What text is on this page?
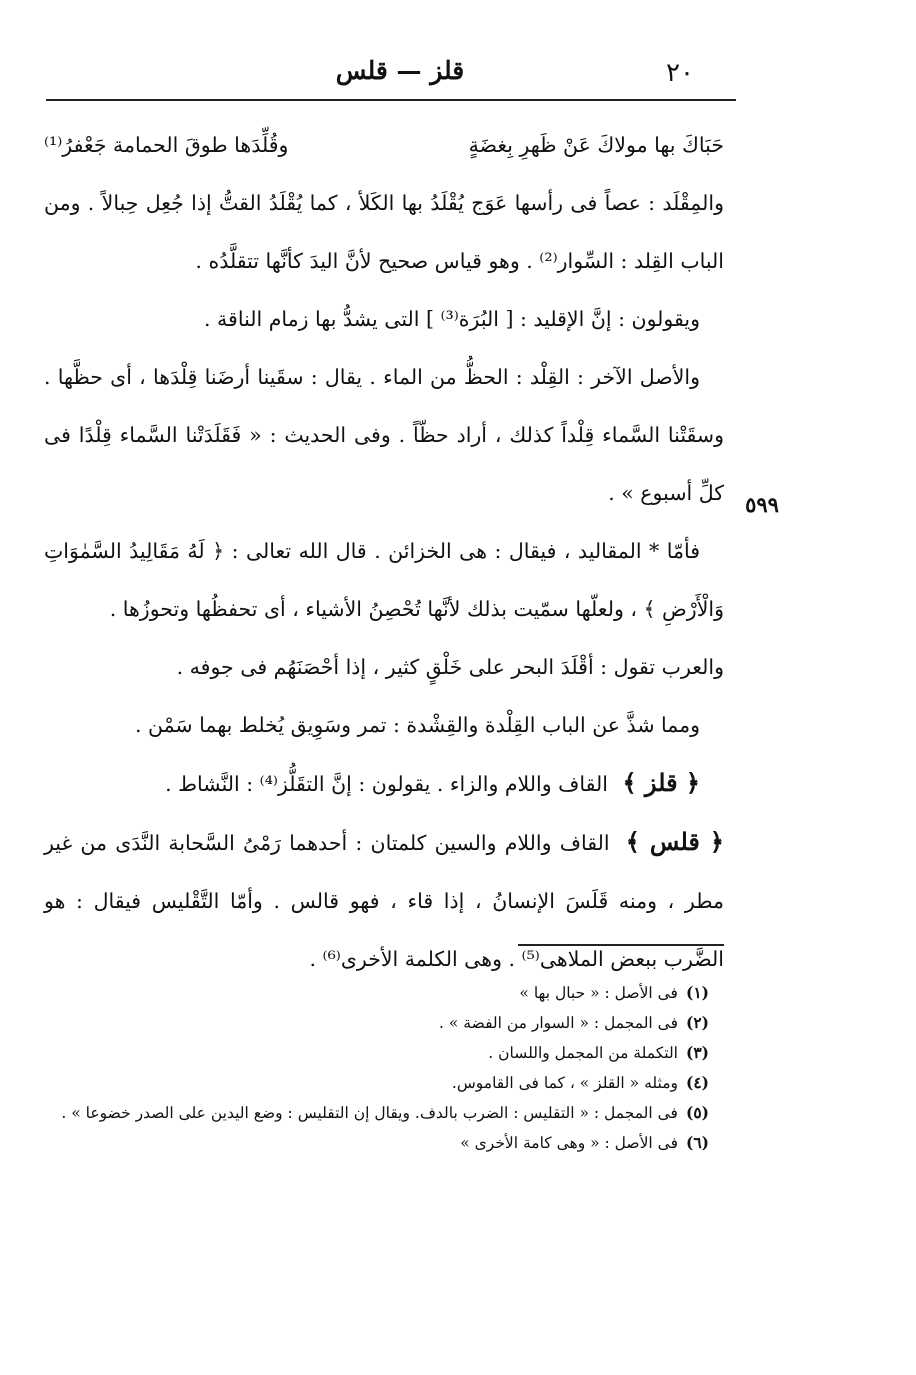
٢٠
قلز — قلس
٥٩٩

حَبَاكَ بها مولاكَ عَنْ ظَهرِ بِغضَةٍ
وقُلِّدَها طوقَ الحمامة جَعْفرُ⁽¹⁾

والمِقْلَد : عصاً فى رأسها عَوَج يُقْلَدُ بها الكَلأ ، كما يُقْلَدُ القتُّ إذا جُعِل حِبالاً . ومن الباب القِلد : السِّوار⁽²⁾ . وهو قياس صحيح لأنَّ اليدَ كأنَّها تتقلَّدُه .

ويقولون : إنَّ الإقليد : [ البُرَة⁽³⁾ ] التى يشدُّ بها زمام الناقة .

والأصل الآخر : القِلْد : الحظُّ من الماء . يقال : سقَينا أرضَنا قِلْدَها ، أى حظَّها . وسقَتْنا السَّماء قِلْداً كذلك ، أراد حظّاً . وفى الحديث : « فَقَلَدَتْنا السَّماء قِلْدًا فى كلِّ أسبوع » .

فأمّا * المقاليد ، فيقال : هى الخزائن . قال الله تعالى : ﴿ لَهُ مَقَالِيدُ السَّمٰوَاتِ وَالْأَرْضِ ﴾ ، ولعلّها سمّيت بذلك لأنَّها تُحْصِنُ الأشياء ، أى تحفظُها وتحوزُها .

والعرب تقول : أقْلَدَ البحر على خَلْقٍ كثير ، إذا أحْصَنَهُم فى جوفه .

ومما شذَّ عن الباب القِلْدة والقِشْدة : تمر وسَوِيق يُخلط بهما سَمْن .

﴿ قلز ﴾ القاف واللام والزاء . يقولون : إنَّ التقَلُّز⁽⁴⁾ : النَّشاط .

﴿ قلس ﴾ القاف واللام والسين كلمتان : أحدهما رَمْىُ السَّحابة النَّدَى من غير مطر ، ومنه قَلَسَ الإنسانُ ، إذا قاء ، فهو قالس . وأمّا التَّقْليس فيقال : هو الضَّرب ببعض الملاهى⁽⁵⁾ . وهى الكلمة الأخرى⁽⁶⁾ .

(١)
فى الأصل : « حبال بها »
(٢)
فى المجمل : « السوار من الفضة » .
(٣)
التكملة من المجمل واللسان .
(٤)
ومثله « القلز » ، كما فى القاموس.
(٥)
فى المجمل : « التقليس : الضرب بالدف. ويقال إن التقليس : وضع اليدين على الصدر خضوعا » .
(٦)
فى الأصل : « وهى كامة الأخرى »
